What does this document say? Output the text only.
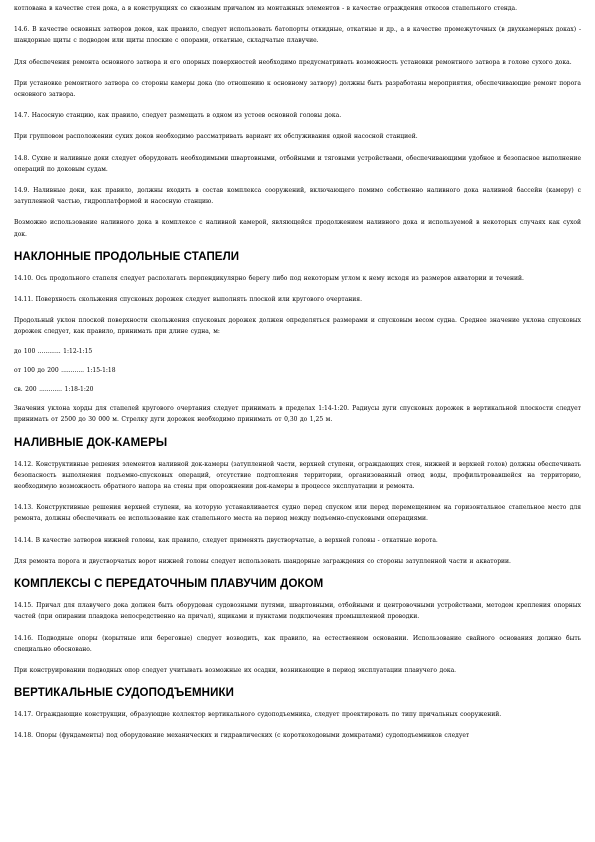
котлована в качестве стен дока, а в конструкциях со сквозным причалом из монтажных элементов - в качестве ограждения откосов стапельного стенда.
14.6. В качестве основных затворов доков, как правило, следует использовать батопорты откидные, откатные и др., а в качестве промежуточных (в двухкамерных доках) - шандорные щиты с подводом или щиты плоские с опорами, откатные, складчатые плавучие.
Для обеспечения ремонта основного затвора и его опорных поверхностей необходимо предусматривать возможность установки ремонтного затвора в голове сухого дока.
При установке ремонтного затвора со стороны камеры дока (по отношению к основному затвору) должны быть разработаны мероприятия, обеспечивающие ремонт порога основного затвора.
14.7. Насосную станцию, как правило, следует размещать в одном из устоев основной головы дока.
При групповом расположении сухих доков необходимо рассматривать вариант их обслуживания одной насосной станцией.
14.8. Сухие и наливные доки следует оборудовать необходимыми швартовными, отбойными и тяговыми устройствами, обеспечивающими удобное и безопасное выполнение операций по доковым судам.
14.9. Наливные доки, как правило, должны входить в состав комплекса сооружений, включающего помимо собственно наливного дока наливной бассейн (камеру) с затупленной частью, гидроплатформой и насосную станцию.
Возможно использование наливного дока в комплексе с наливной камерой, являющейся продолжением наливного дока и используемой в некоторых случаях как сухой док.
НАКЛОННЫЕ ПРОДОЛЬНЫЕ СТАПЕЛИ
14.10. Ось продольного стапеля следует располагать перпендикулярно берегу либо под некоторым углом к нему исходя из размеров акватории и течений.
14.11. Поверхность скольжения спусковых дорожек следует выполнять плоской или кругового очертания.
Продольный уклон плоской поверхности скольжения спусковых дорожек должен определяться размерами и спусковым весом судна. Среднее значение уклона спусковых дорожек следует, как правило, принимать при длине судна, м:
до 100 ............ 1:12-1:15
от 100 до 200 ............ 1:15-1:18
св. 200 ............ 1:18-1:20
Значения уклона хорды для стапелей кругового очертания следует принимать в пределах 1:14-1:20. Радиусы дуги спусковых дорожек в вертикальной плоскости следует принимать от 2500 до 30 000 м. Стрелку дуги дорожек необходимо принимать от 0,30 до 1,25 м.
НАЛИВНЫЕ ДОК-КАМЕРЫ
14.12. Конструктивные решения элементов наливной док-камеры (затупленной части, верхней ступени, ограждающих стен, нижней и верхней голов) должны обеспечивать безопасность выполнения подъемно-спусковых операций, отсутствие подтопления территории, организованный отвод воды, профильтровавшейся на территорию, необходимую возможность обратного напора на стены при опорожнении док-камеры в процессе эксплуатации и ремонта.
14.13. Конструктивные решения верхней ступени, на которую устанавливается судно перед спуском или перед перемещением на горизонтальное стапельное место для ремонта, должны обеспечивать ее использование как стапельного места на период между подъемно-спусковыми операциями.
14.14. В качестве затворов нижней головы, как правило, следует применять двустворчатые, а верхней головы - откатные ворота.
Для ремонта порога и двустворчатых ворот нижней головы следует использовать шандорные заграждения со стороны затупленной части и акватории.
КОМПЛЕКСЫ С ПЕРЕДАТОЧНЫМ ПЛАВУЧИМ ДОКОМ
14.15. Причал для плавучего дока должен быть оборудован судовозными путями, швартовными, отбойными и центровочными устройствами, методом крепления опорных частей (при опирании плавдока непосредственно на причал), ящиками и пунктами подключения промышленной проводки.
14.16. Подводные опоры (корытные или береговые) следует возводить, как правило, на естественном основании. Использование свайного основания должно быть специально обосновано.
При конструировании подводных опор следует учитывать возможные их осадки, возникающие в период эксплуатации плавучего дока.
ВЕРТИКАЛЬНЫЕ СУДОПОДЪЕМНИКИ
14.17. Ограждающие конструкции, образующие коллектор вертикального судоподъемника, следует проектировать по типу причальных сооружений.
14.18. Опоры (фундаменты) под оборудование механических и гидравлических (с короткоходовыми домкратами) судоподъемников следует
